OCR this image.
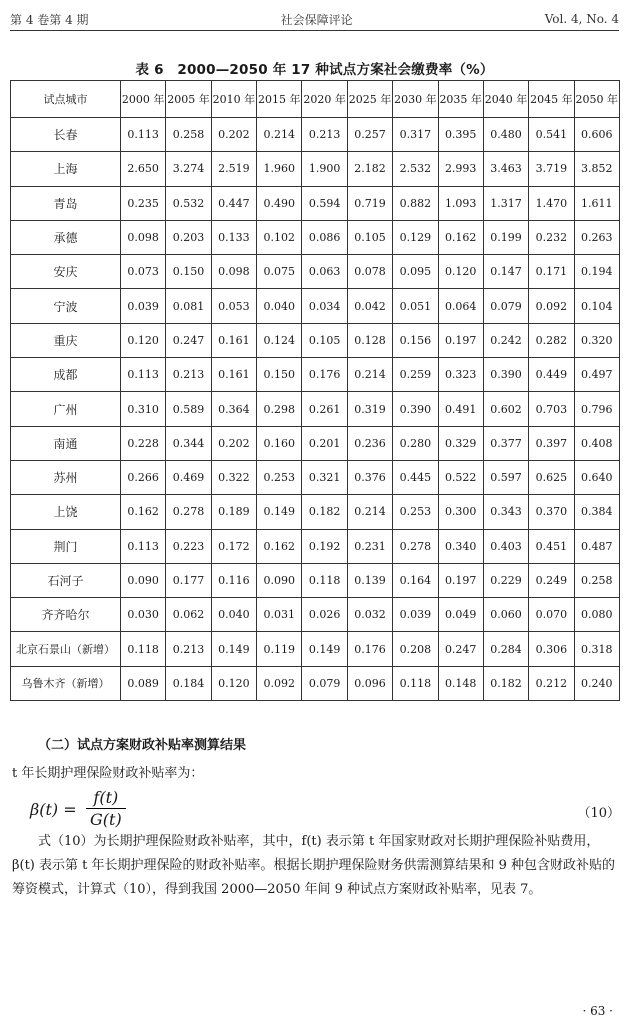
第 4 卷第 4 期	社会保障评论	Vol. 4, No. 4
表 6　2000—2050 年 17 种试点方案社会缴费率（%）
试点城市	2000 年	2005 年	2010 年	2015 年	2020 年	2025 年	2030 年	2035 年	2040 年	2045 年	2050 年
长春	0.113	0.258	0.202	0.214	0.213	0.257	0.317	0.395	0.480	0.541	0.606
上海	2.650	3.274	2.519	1.960	1.900	2.182	2.532	2.993	3.463	3.719	3.852
青岛	0.235	0.532	0.447	0.490	0.594	0.719	0.882	1.093	1.317	1.470	1.611
承德	0.098	0.203	0.133	0.102	0.086	0.105	0.129	0.162	0.199	0.232	0.263
安庆	0.073	0.150	0.098	0.075	0.063	0.078	0.095	0.120	0.147	0.171	0.194
宁波	0.039	0.081	0.053	0.040	0.034	0.042	0.051	0.064	0.079	0.092	0.104
重庆	0.120	0.247	0.161	0.124	0.105	0.128	0.156	0.197	0.242	0.282	0.320
成都	0.113	0.213	0.161	0.150	0.176	0.214	0.259	0.323	0.390	0.449	0.497
广州	0.310	0.589	0.364	0.298	0.261	0.319	0.390	0.491	0.602	0.703	0.796
南通	0.228	0.344	0.202	0.160	0.201	0.236	0.280	0.329	0.377	0.397	0.408
苏州	0.266	0.469	0.322	0.253	0.321	0.376	0.445	0.522	0.597	0.625	0.640
上饶	0.162	0.278	0.189	0.149	0.182	0.214	0.253	0.300	0.343	0.370	0.384
荆门	0.113	0.223	0.172	0.162	0.192	0.231	0.278	0.340	0.403	0.451	0.487
石河子	0.090	0.177	0.116	0.090	0.118	0.139	0.164	0.197	0.229	0.249	0.258
齐齐哈尔	0.030	0.062	0.040	0.031	0.026	0.032	0.039	0.049	0.060	0.070	0.080
北京石景山（新增）	0.118	0.213	0.149	0.119	0.149	0.176	0.208	0.247	0.284	0.306	0.318
乌鲁木齐（新增）	0.089	0.184	0.120	0.092	0.079	0.096	0.118	0.148	0.182	0.212	0.240
（二）试点方案财政补贴率测算结果
t 年长期护理保险财政补贴率为：
$\beta(t) = \frac{f(t)}{G(t)}$	（10）
式（10）为长期护理保险财政补贴率，其中，f(t) 表示第 t 年国家财政对长期护理保险补贴费用，β(t) 表示第 t 年长期护理保险的财政补贴率。根据长期护理保险财务供需测算结果和 9 种包含财政补贴的筹资模式，计算式（10），得到我国 2000—2050 年间 9 种试点方案财政补贴率，见表 7。
· 63 ·
